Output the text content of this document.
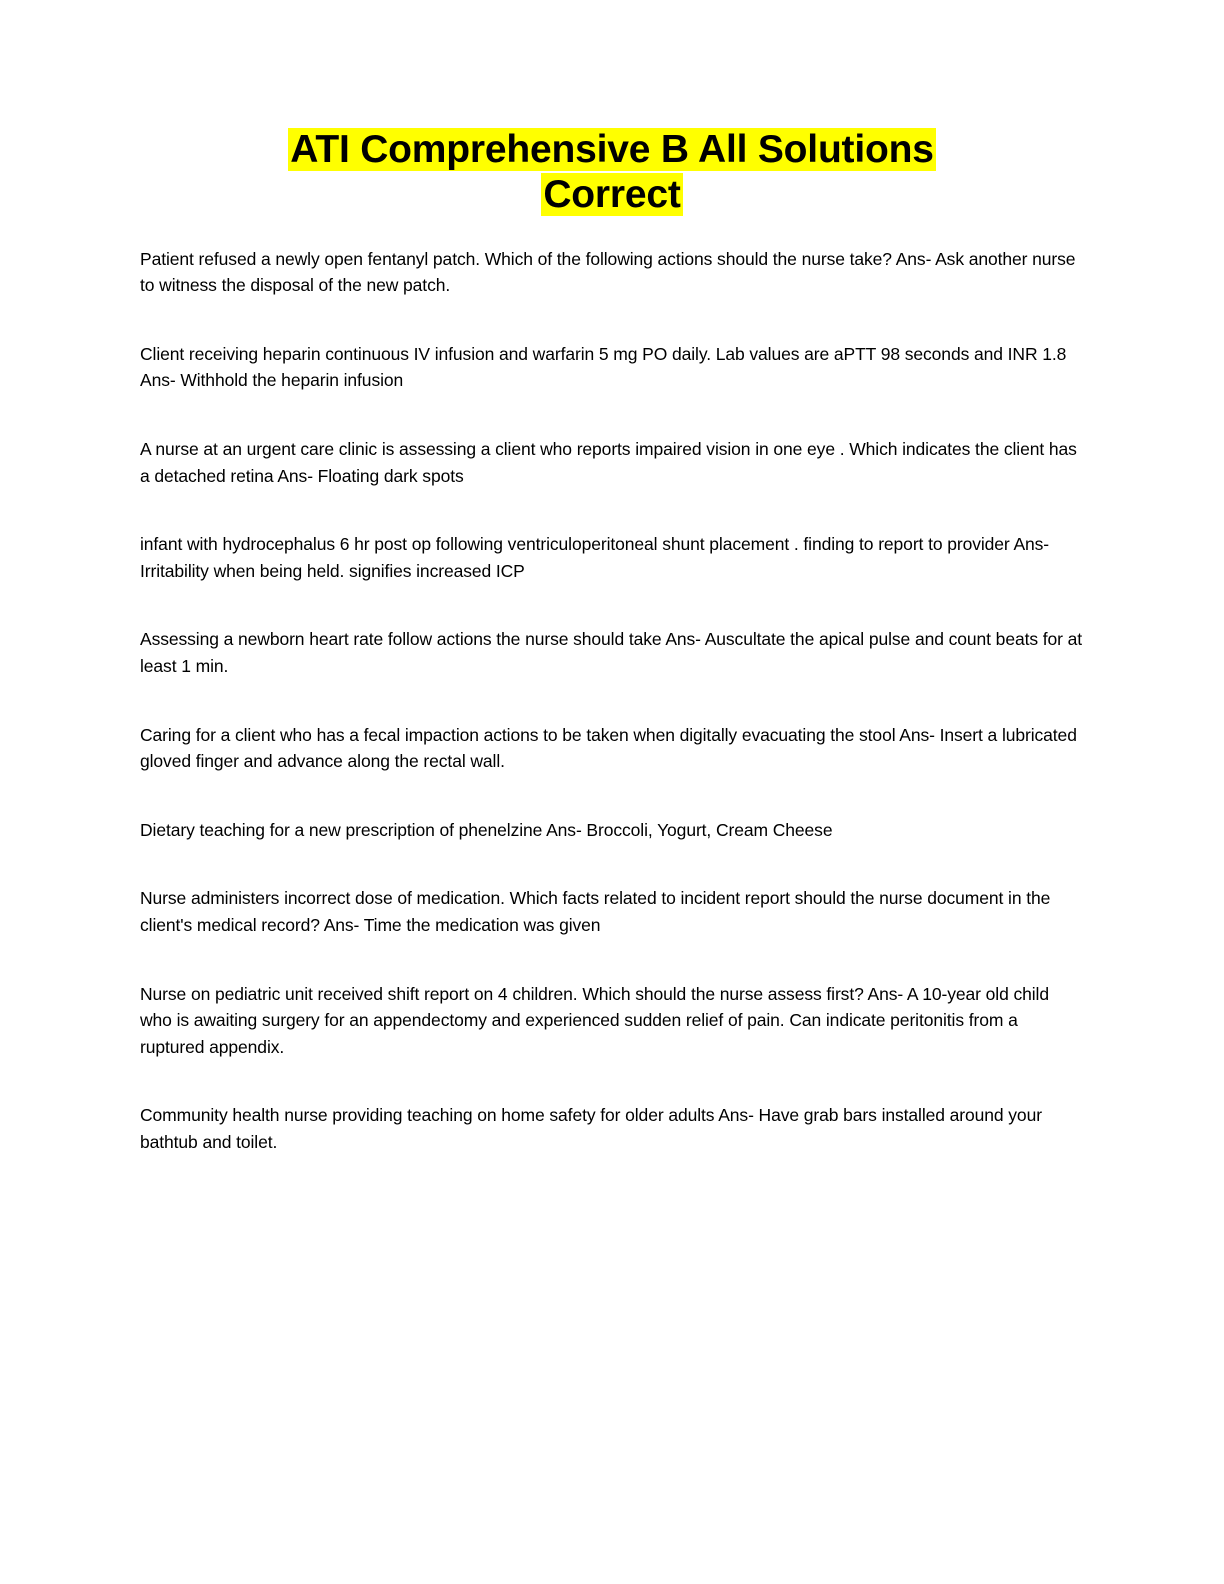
ATI Comprehensive B All Solutions
Correct

Patient refused a newly open fentanyl patch. Which of the following actions should the nurse take? Ans- Ask another nurse to witness the disposal of the new patch.

Client receiving heparin continuous IV infusion and warfarin 5 mg PO daily. Lab values are aPTT 98 seconds and INR 1.8 Ans- Withhold the heparin infusion

A nurse at an urgent care clinic is assessing a client who reports impaired vision in one eye . Which indicates the client has a detached retina Ans- Floating dark spots

infant with hydrocephalus 6 hr post op following ventriculoperitoneal shunt placement . finding to report to provider Ans- Irritability when being held. signifies increased ICP

Assessing a newborn heart rate follow actions the nurse should take Ans- Auscultate the apical pulse and count beats for at least 1 min.

Caring for a client who has a fecal impaction actions to be taken when digitally evacuating the stool Ans- Insert a lubricated gloved finger and advance along the rectal wall.

Dietary teaching for a new prescription of phenelzine Ans- Broccoli, Yogurt, Cream Cheese

Nurse administers incorrect dose of medication. Which facts related to incident report should the nurse document in the client's medical record? Ans- Time the medication was given

Nurse on pediatric unit received shift report on 4 children. Which should the nurse assess first? Ans- A 10-year old child who is awaiting surgery for an appendectomy and experienced sudden relief of pain. Can indicate peritonitis from a ruptured appendix.

Community health nurse providing teaching on home safety for older adults Ans- Have grab bars installed around your bathtub and toilet.
